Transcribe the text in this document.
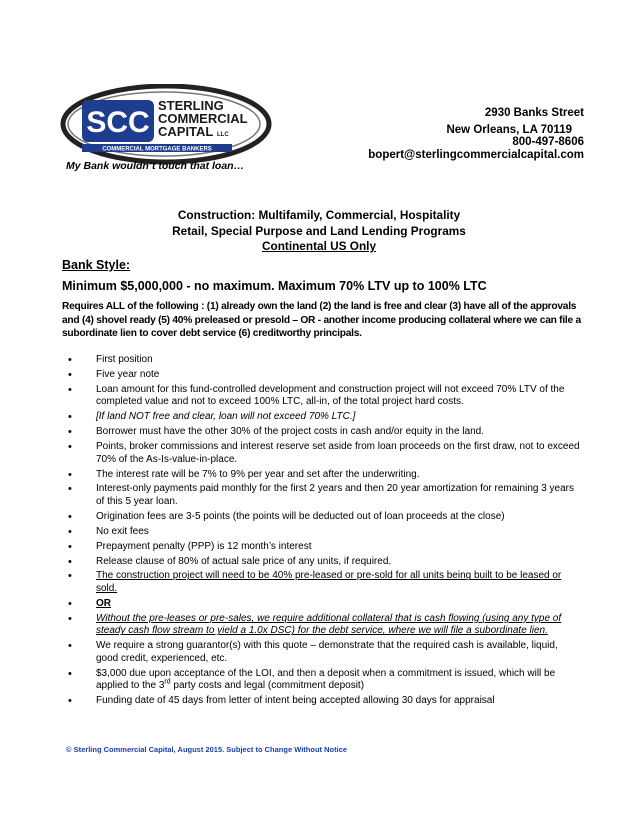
SCC
STERLING
COMMERCIAL
CAPITAL LLC
COMMERCIAL MORTGAGE BANKERS
My Bank wouldn’t touch that loan…
2930 Banks Street
New Orleans, LA 70119
800-497-8606
bopert@sterlingcommercialcapital.com
Construction: Multifamily, Commercial, Hospitality
Retail, Special Purpose and Land Lending Programs
Continental US Only
Bank Style:
Minimum $5,000,000 - no maximum. Maximum 70% LTV up to 100% LTC
Requires ALL of the following : (1) already own the land (2) the land is free and clear (3) have all of the approvals and (4) shovel ready (5) 40% preleased or presold – OR - another income producing collateral where we can file a subordinate lien to cover debt service (6) creditworthy principals.
• First position
• Five year note
• Loan amount for this fund-controlled development and construction project will not exceed 70% LTV of the completed value and not to exceed 100% LTC, all-in, of the total project hard costs.
• [If land NOT free and clear, loan will not exceed 70% LTC.]
• Borrower must have the other 30% of the project costs in cash and/or equity in the land.
• Points, broker commissions and interest reserve set aside from loan proceeds on the first draw, not to exceed 70% of the As-Is-value-in-place.
• The interest rate will be 7% to 9% per year and set after the underwriting.
• Interest-only payments paid monthly for the first 2 years and then 20 year amortization for remaining 3 years of this 5 year loan.
• Origination fees are 3-5 points (the points will be deducted out of loan proceeds at the close)
• No exit fees
• Prepayment penalty (PPP) is 12 month’s interest
• Release clause of 80% of actual sale price of any units, if required.
• The construction project will need to be 40% pre-leased or pre-sold for all units being built to be leased or sold.
• OR
• Without the pre-leases or pre-sales, we require additional collateral that is cash flowing (using any type of steady cash flow stream to yield a 1.0x DSC) for the debt service, where we will file a subordinate lien.
• We require a strong guarantor(s) with this quote – demonstrate that the required cash is available, liquid, good credit, experienced, etc.
• $3,000 due upon acceptance of the LOI, and then a deposit when a commitment is issued, which will be applied to the 3rd party costs and legal (commitment deposit)
• Funding date of 45 days from letter of intent being accepted allowing 30 days for appraisal
© Sterling Commercial Capital, August 2015. Subject to Change Without Notice
